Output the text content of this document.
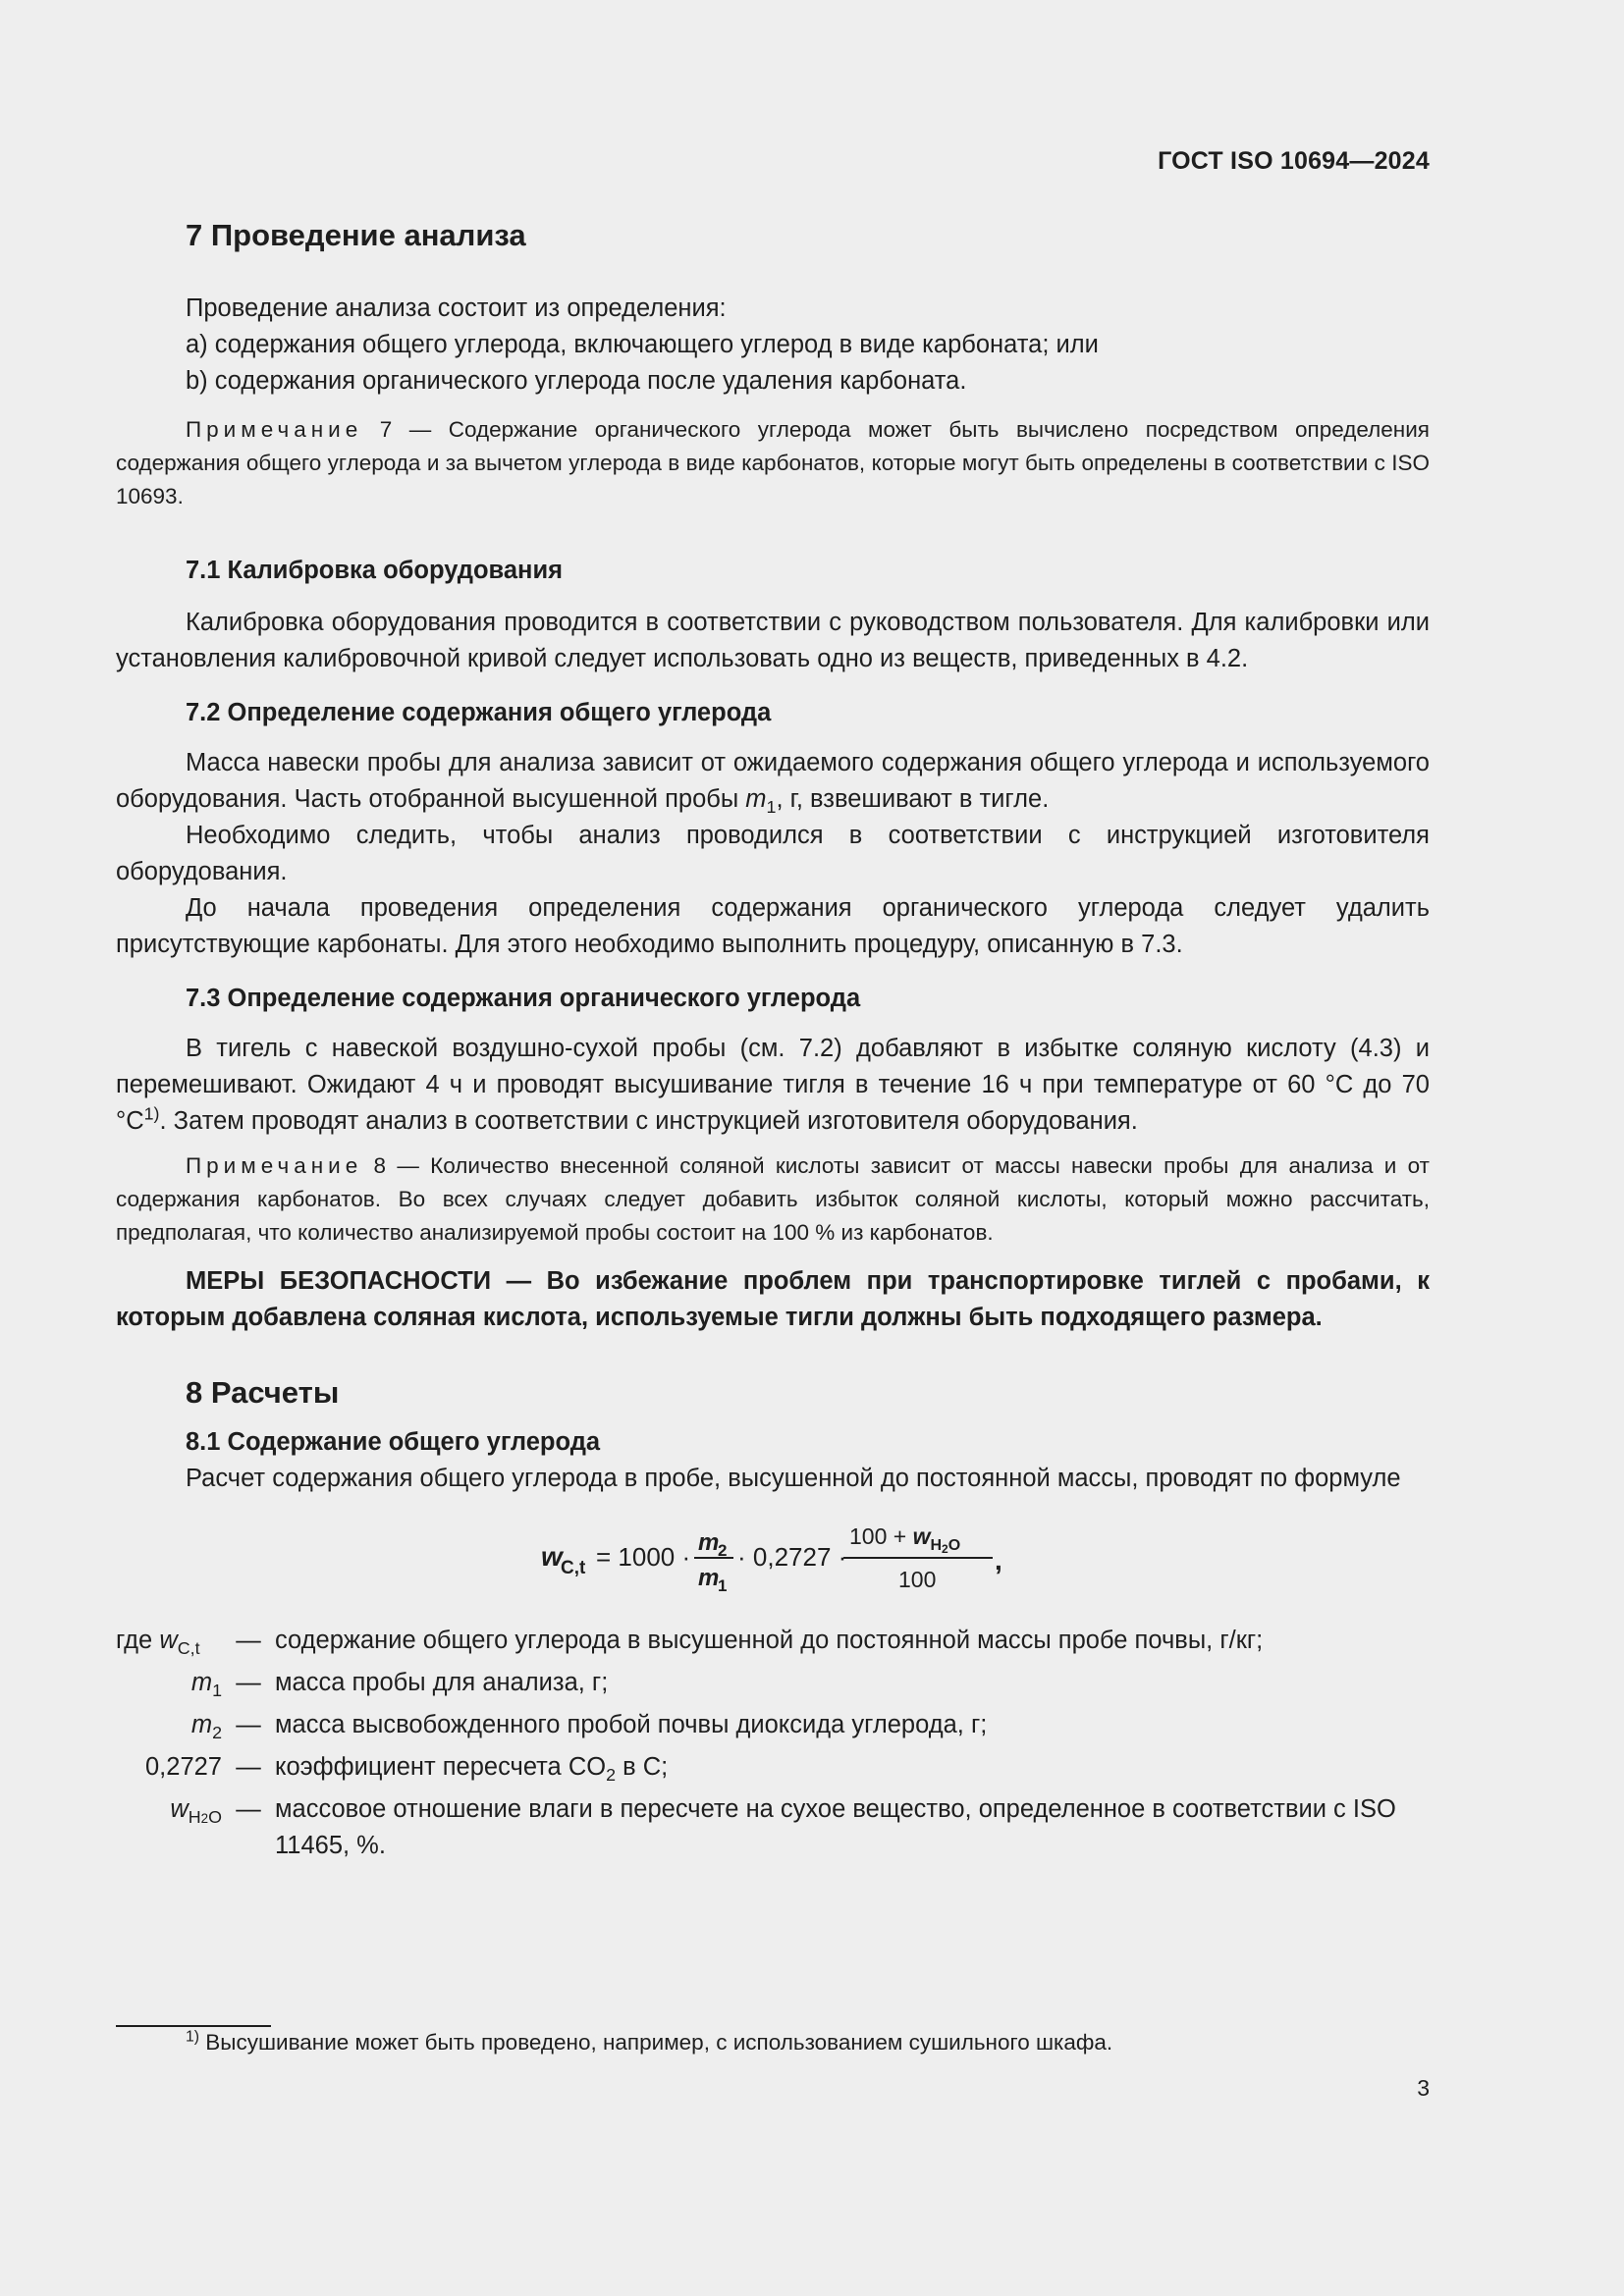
ГОСТ ISO 10694—2024
7 Проведение анализа

Проведение анализа состоит из определения:

a) содержания общего углерода, включающего углерод в виде карбоната; или

b) содержания органического углерода после удаления карбоната.

Примечание 7 — Содержание органического углерода может быть вычислено посредством определения содержания общего углерода и за вычетом углерода в виде карбонатов, которые могут быть определены в соответствии с ISO 10693.

7.1 Калибровка оборудования

Калибровка оборудования проводится в соответствии с руководством пользователя. Для калибровки или установления калибровочной кривой следует использовать одно из веществ, приведенных в 4.2.

7.2 Определение содержания общего углерода

Масса навески пробы для анализа зависит от ожидаемого содержания общего углерода и используемого оборудования. Часть отобранной высушенной пробы $m_1$, г, взвешивают в тигле.

Необходимо следить, чтобы анализ проводился в соответствии с инструкцией изготовителя оборудования.

До начала проведения определения содержания органического углерода следует удалить присутствующие карбонаты. Для этого необходимо выполнить процедуру, описанную в 7.3.

7.3 Определение содержания органического углерода

В тигель с навеской воздушно-сухой пробы (см. 7.2) добавляют в избытке соляную кислоту (4.3) и перемешивают. Ожидают 4 ч и проводят высушивание тигля в течение 16 ч при температуре от 60 °С до 70 $^\circ С^{1)}$. Затем проводят анализ в соответствии с инструкцией изготовителя оборудования.

Примечание 8 — Количество внесенной соляной кислоты зависит от массы навески пробы для анализа и от содержания карбонатов. Во всех случаях следует добавить избыток соляной кислоты, который можно рассчитать, предполагая, что количество анализируемой пробы состоит на 100 % из карбонатов.

МЕРЫ БЕЗОПАСНОСТИ — Во избежание проблем при транспортировке тиглей с пробами, к которым добавлена соляная кислота, используемые тигли должны быть подходящего размера.

8 Расчеты
8.1 Содержание общего углерода

Расчет содержания общего углерода в пробе, высушенной до постоянной массы, проводят по формуле

w
C,t = 1000 · m
2
m
1
· 0,2727 ·
$100 + w_H2O$
100
,
где $w_{C,t}$	— содержание общего углерода в высушенной до постоянной массы пробе почвы, г/кг;
$m_1$ — масса пробы для анализа, г;
$m_2$ — масса высвобожденного пробой почвы диоксида углерода, г;
0,2727 — коэффициент пересчета $CO_2$ в С;
$w_{H2O}$ — массовое отношение влаги в пересчете на сухое вещество, определенное в соответствии с ISO 11465, %.
$^{1)}$ Высушивание может быть проведено, например, с использованием сушильного шкафа.
3
